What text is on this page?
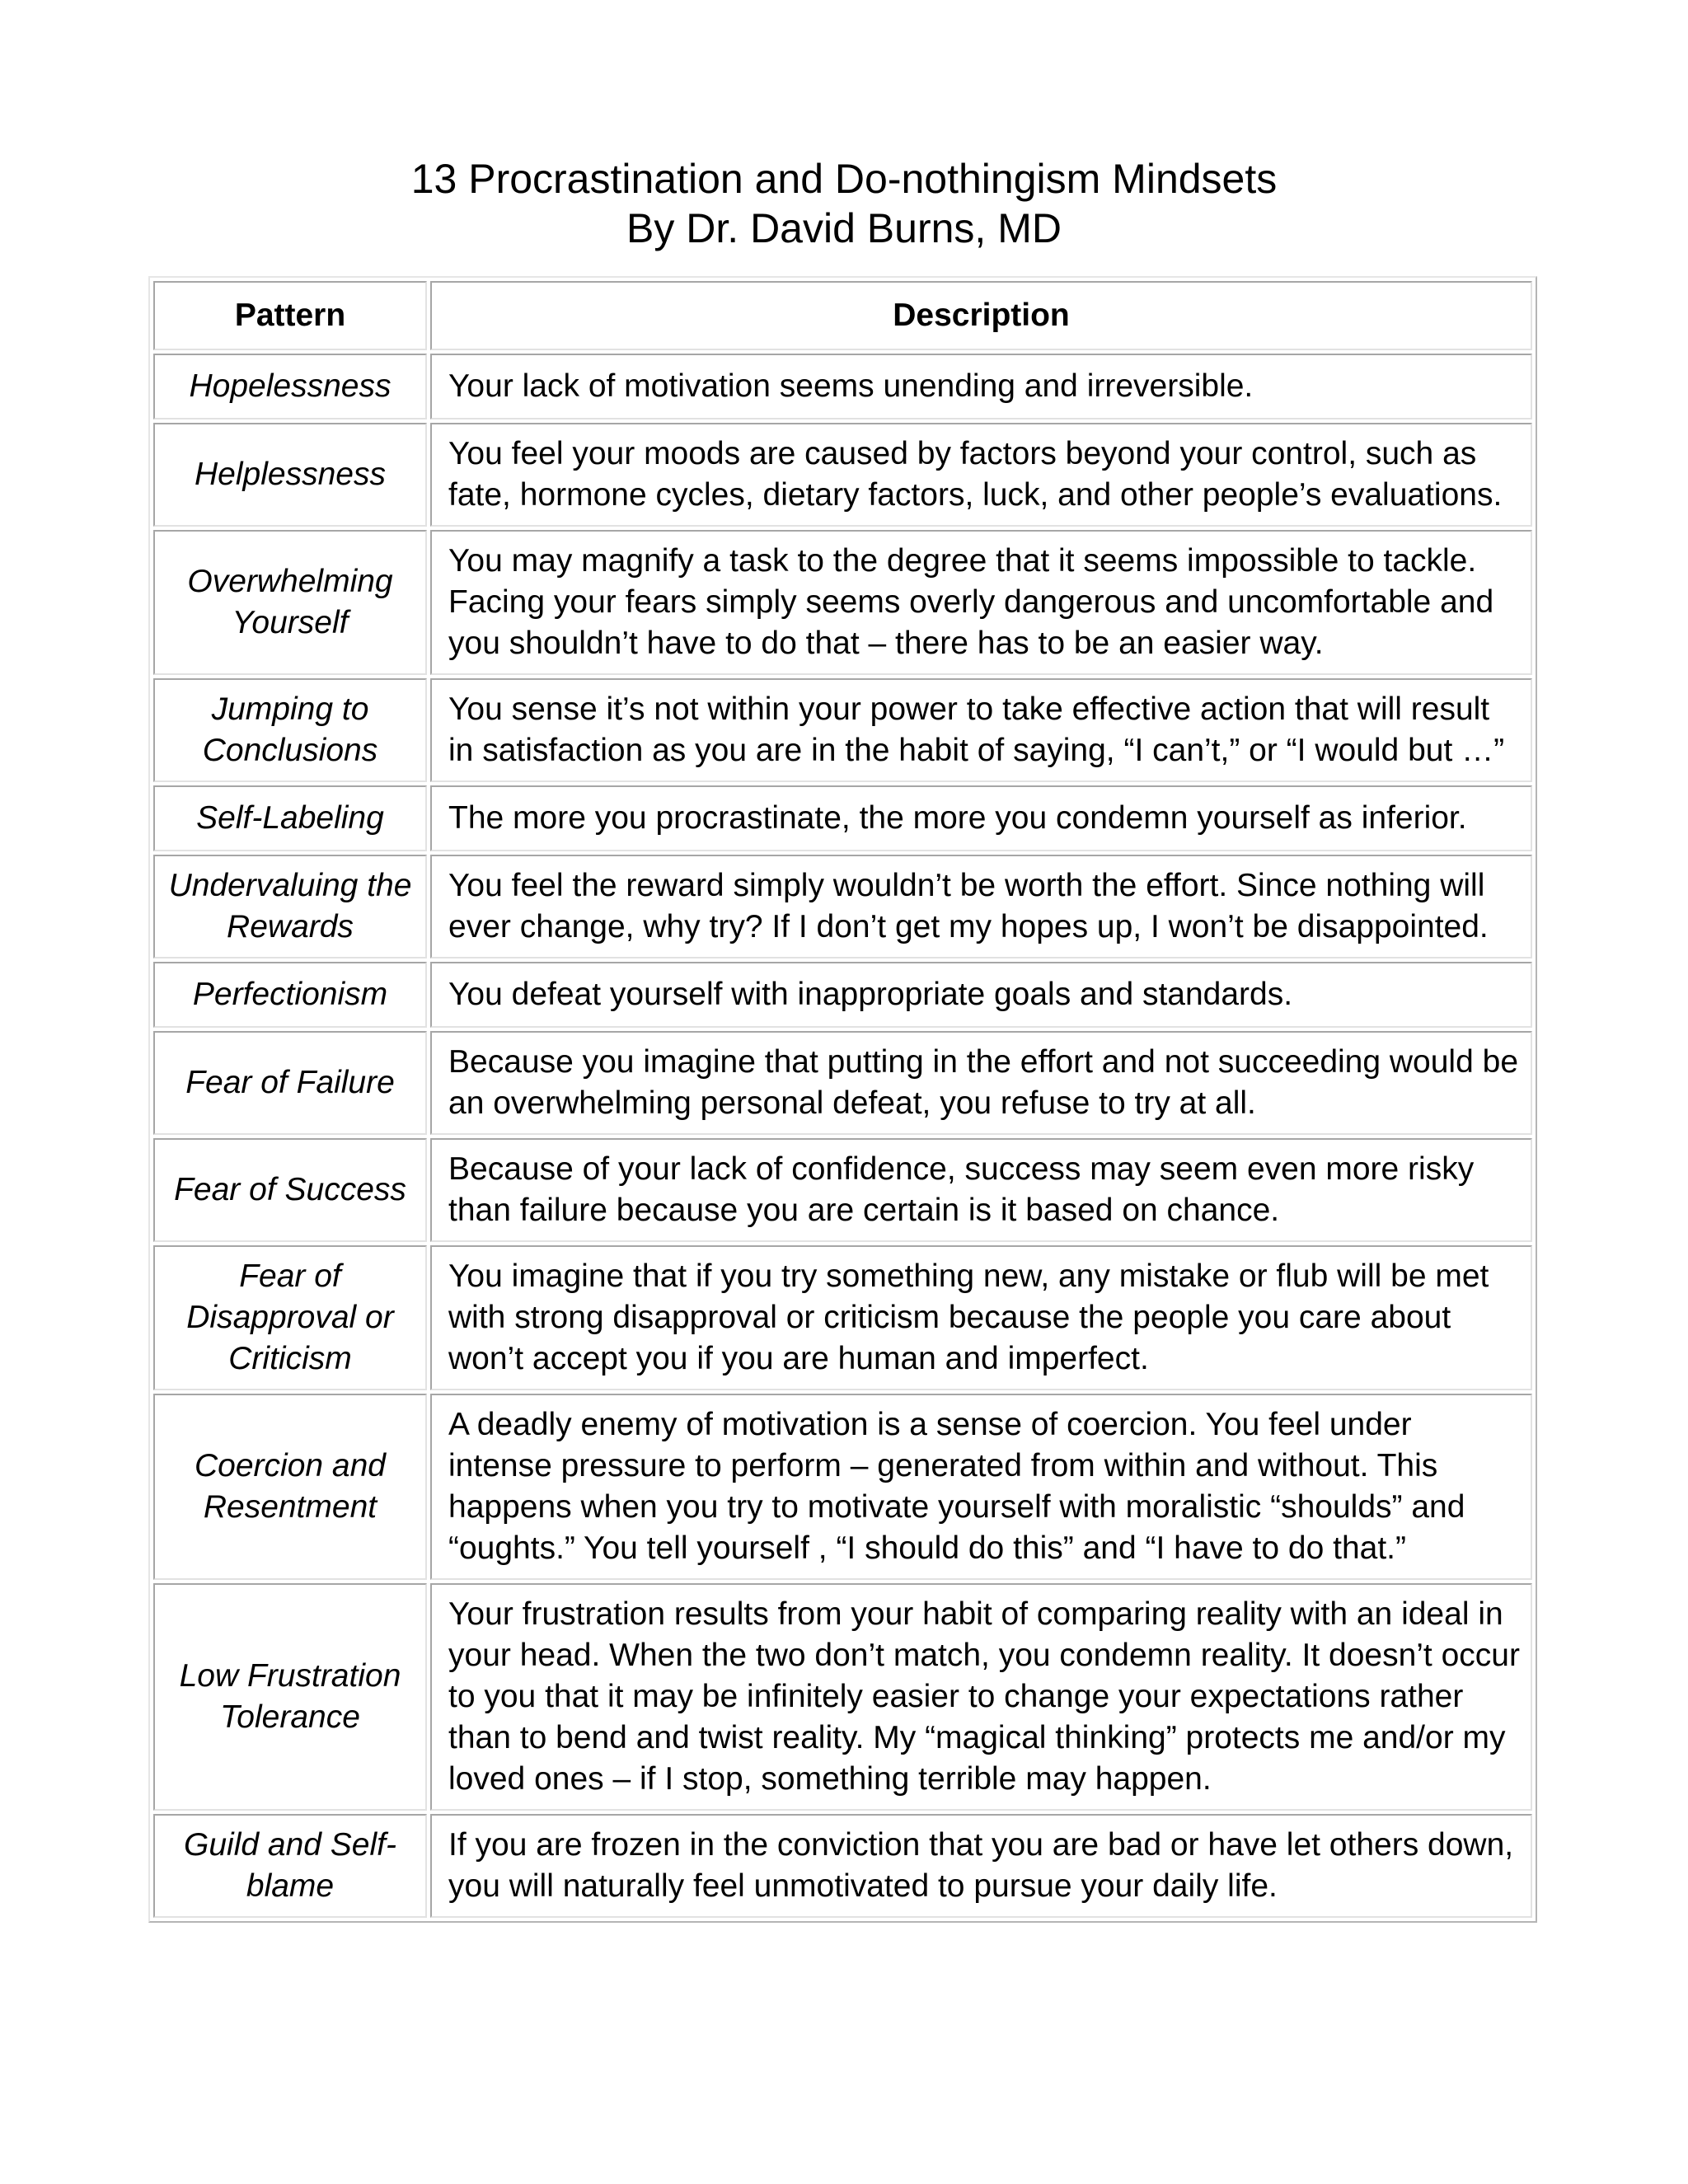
13 Procrastination and Do-nothingism Mindsets
By Dr. David Burns, MD
Pattern	Description
Hopelessness	Your lack of motivation seems unending and irreversible.
Helplessness	You feel your moods are caused by factors beyond your control, such as fate, hormone cycles, dietary factors, luck, and other people’s evaluations.
Overwhelming Yourself	You may magnify a task to the degree that it seems impossible to tackle. Facing your fears simply seems overly dangerous and uncomfortable and you shouldn’t have to do that – there has to be an easier way.
Jumping to Conclusions	You sense it’s not within your power to take effective action that will result in satisfaction as you are in the habit of saying, “I can’t,” or “I would but …”
Self-Labeling	The more you procrastinate, the more you condemn yourself as inferior.
Undervaluing the Rewards	You feel the reward simply wouldn’t be worth the effort. Since nothing will ever change, why try? If I don’t get my hopes up, I won’t be disappointed.
Perfectionism	You defeat yourself with inappropriate goals and standards.
Fear of Failure	Because you imagine that putting in the effort and not succeeding would be an overwhelming personal defeat, you refuse to try at all.
Fear of Success	Because of your lack of confidence, success may seem even more risky than failure because you are certain is it based on chance.
Fear of Disapproval or Criticism	You imagine that if you try something new, any mistake or flub will be met with strong disapproval or criticism because the people you care about won’t accept you if you are human and imperfect.
Coercion and Resentment	A deadly enemy of motivation is a sense of coercion. You feel under intense pressure to perform – generated from within and without. This happens when you try to motivate yourself with moralistic “shoulds” and “oughts.” You tell yourself , “I should do this” and “I have to do that.”
Low Frustration Tolerance	Your frustration results from your habit of comparing reality with an ideal in your head. When the two don’t match, you condemn reality. It doesn’t occur to you that it may be infinitely easier to change your expectations rather than to bend and twist reality. My “magical thinking” protects me and/or my loved ones – if I stop, something terrible may happen.
Guild and Self-blame	If you are frozen in the conviction that you are bad or have let others down, you will naturally feel unmotivated to pursue your daily life.
